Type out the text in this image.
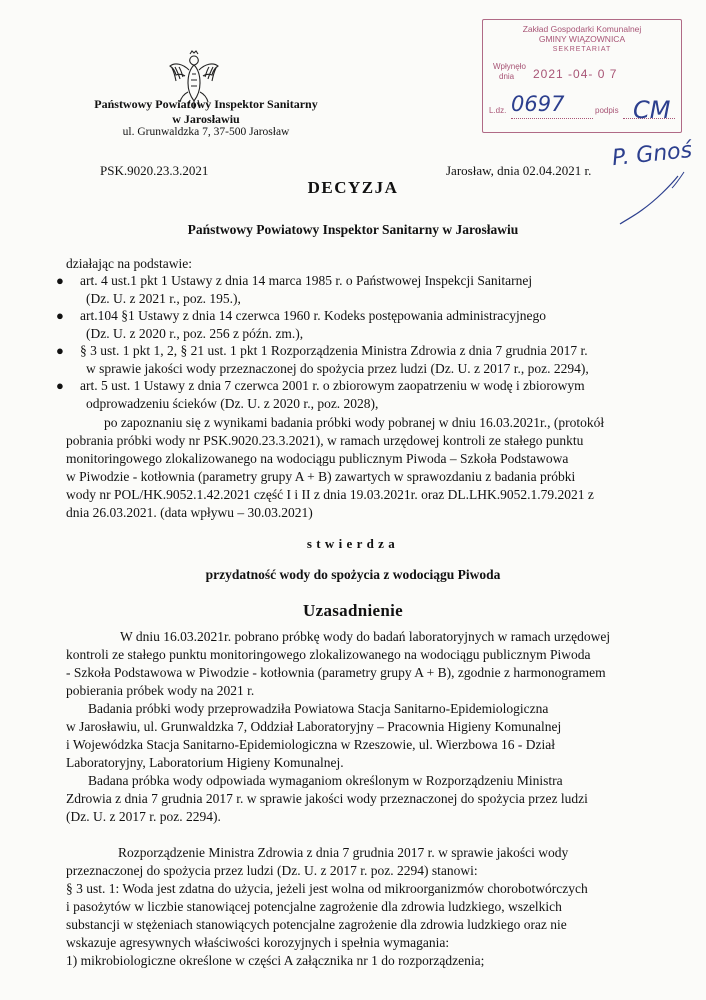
Państwowy Powiatowy Inspektor Sanitarny
w Jarosławiu
ul. Grunwaldzka 7, 37-500 Jarosław
PSK.9020.23.3.2021	Jarosław, dnia 02.04.2021 r.
Zakład Gospodarki Komunalnej
GMINY WIĄZOWNICA
SEKRETARIAT
Wpłynęło
dnia 2021 -04- 0 7
L.dz. 0697	podpis CM
P. Gnoś
DECYZJA
Państwowy Powiatowy Inspektor Sanitarny w Jarosławiu
działając na podstawie:
● art. 4 ust.1 pkt 1 Ustawy z dnia 14 marca 1985 r. o Państwowej Inspekcji Sanitarnej
(Dz. U. z 2021 r., poz. 195.),
● art.104 §1 Ustawy z dnia 14 czerwca 1960 r. Kodeks postępowania administracyjnego
(Dz. U. z 2020 r., poz. 256 z późn. zm.),
● § 3 ust. 1 pkt 1, 2, § 21 ust. 1 pkt 1 Rozporządzenia Ministra Zdrowia z dnia 7 grudnia 2017 r.
w sprawie jakości wody przeznaczonej do spożycia przez ludzi (Dz. U. z 2017 r., poz. 2294),
● art. 5 ust. 1 Ustawy z dnia 7 czerwca 2001 r. o zbiorowym zaopatrzeniu w wodę i zbiorowym
odprowadzeniu ścieków (Dz. U. z 2020 r., poz. 2028),
po zapoznaniu się z wynikami badania próbki wody pobranej w dniu 16.03.2021r., (protokół
pobrania próbki wody nr PSK.9020.23.3.2021), w ramach urzędowej kontroli ze stałego punktu
monitoringowego zlokalizowanego na wodociągu publicznym Piwoda – Szkoła Podstawowa
w Piwodzie - kotłownia (parametry grupy A + B) zawartych w sprawozdaniu z badania próbki
wody nr POL/HK.9052.1.42.2021 część I i II z dnia 19.03.2021r. oraz DL.LHK.9052.1.79.2021 z
dnia 26.03.2021. (data wpływu – 30.03.2021)
stwierdza
przydatność wody do spożycia z wodociągu Piwoda
Uzasadnienie
W dniu 16.03.2021r. pobrano próbkę wody do badań laboratoryjnych w ramach urzędowej
kontroli ze stałego punktu monitoringowego zlokalizowanego na wodociągu publicznym Piwoda
- Szkoła Podstawowa w Piwodzie - kotłownia (parametry grupy A + B), zgodnie z harmonogramem
pobierania próbek wody na 2021 r.
Badania próbki wody przeprowadziła Powiatowa Stacja Sanitarno-Epidemiologiczna
w Jarosławiu, ul. Grunwaldzka 7, Oddział Laboratoryjny – Pracownia Higieny Komunalnej
i Wojewódzka Stacja Sanitarno-Epidemiologiczna w Rzeszowie, ul. Wierzbowa 16 - Dział
Laboratoryjny, Laboratorium Higieny Komunalnej.
Badana próbka wody odpowiada wymaganiom określonym w Rozporządzeniu Ministra
Zdrowia z dnia 7 grudnia 2017 r. w sprawie jakości wody przeznaczonej do spożycia przez ludzi
(Dz. U. z 2017 r. poz. 2294).
Rozporządzenie Ministra Zdrowia z dnia 7 grudnia 2017 r. w sprawie jakości wody
przeznaczonej do spożycia przez ludzi (Dz. U. z 2017 r. poz. 2294) stanowi:
§ 3 ust. 1: Woda jest zdatna do użycia, jeżeli jest wolna od mikroorganizmów chorobotwórczych
i pasożytów w liczbie stanowiącej potencjalne zagrożenie dla zdrowia ludzkiego, wszelkich
substancji w stężeniach stanowiących potencjalne zagrożenie dla zdrowia ludzkiego oraz nie
wskazuje agresywnych właściwości korozyjnych i spełnia wymagania:
1) mikrobiologiczne określone w części A załącznika nr 1 do rozporządzenia;
